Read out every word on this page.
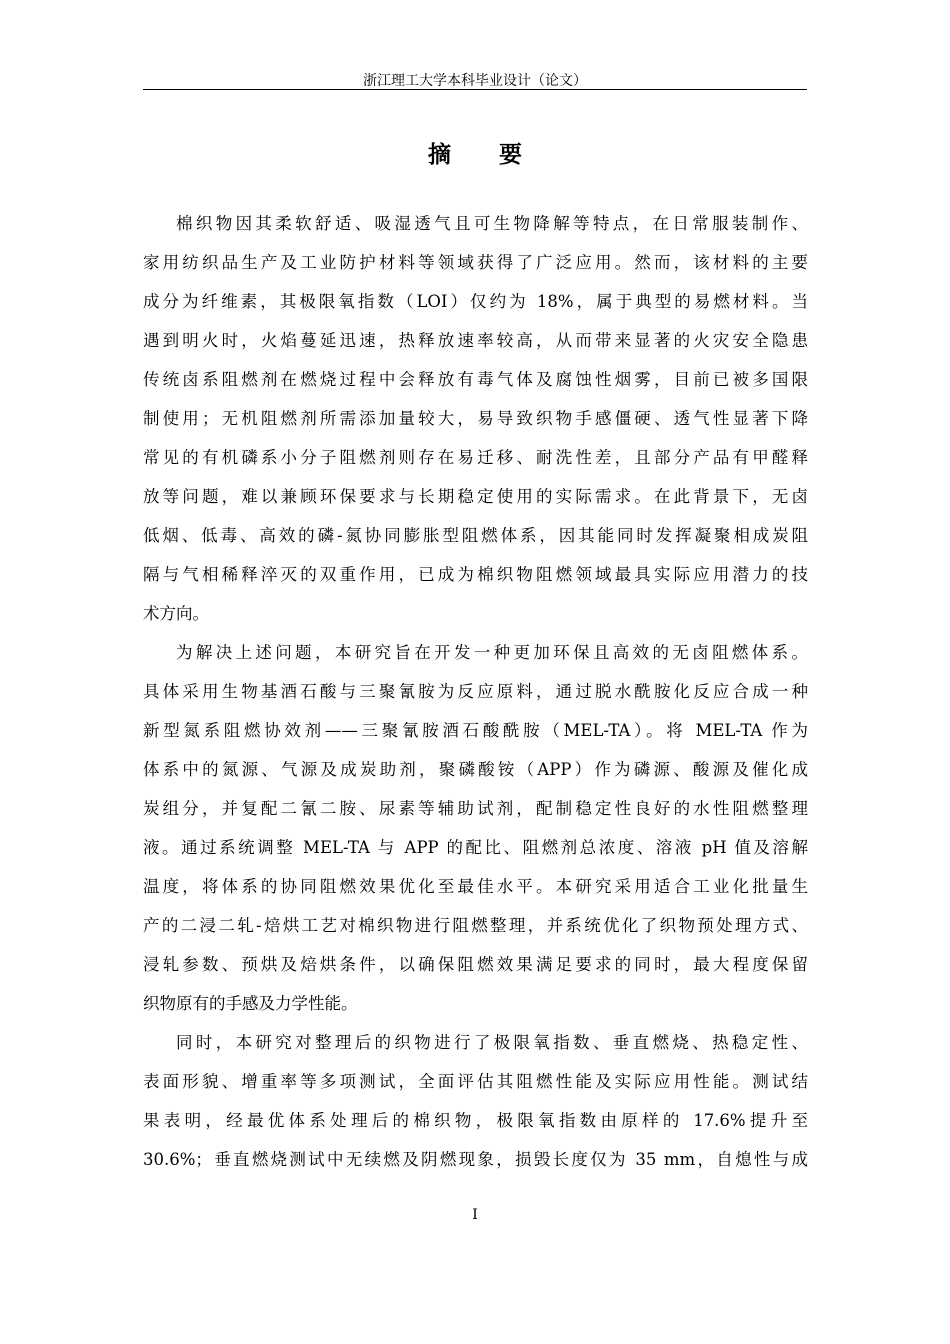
浙江理工大学本科毕业设计（论文）
摘 要

棉织物因其柔软舒适、吸湿透气且可生物降解等特点，在日常服装制作、
家用纺织品生产及工业防护材料等领域获得了广泛应用。然而，该材料的主要
成分为纤维素，其极限氧指数（LOI）仅约为 18%，属于典型的易燃材料。当
遇到明火时，火焰蔓延迅速，热释放速率较高，从而带来显著的火灾安全隐患
传统卤系阻燃剂在燃烧过程中会释放有毒气体及腐蚀性烟雾，目前已被多国限
制使用；无机阻燃剂所需添加量较大，易导致织物手感僵硬、透气性显著下降
常见的有机磷系小分子阻燃剂则存在易迁移、耐洗性差，且部分产品有甲醛释
放等问题，难以兼顾环保要求与长期稳定使用的实际需求。在此背景下，无卤
低烟、低毒、高效的磷-氮协同膨胀型阻燃体系，因其能同时发挥凝聚相成炭阻
隔与气相稀释淬灭的双重作用，已成为棉织物阻燃领域最具实际应用潜力的技
术方向。

为解决上述问题，本研究旨在开发一种更加环保且高效的无卤阻燃体系。
具体采用生物基酒石酸与三聚氰胺为反应原料，通过脱水酰胺化反应合成一种
新型氮系阻燃协效剂——三聚氰胺酒石酸酰胺（MEL-TA）。将 MEL-TA 作为
体系中的氮源、气源及成炭助剂，聚磷酸铵（APP）作为磷源、酸源及催化成
炭组分，并复配二氰二胺、尿素等辅助试剂，配制稳定性良好的水性阻燃整理
液。通过系统调整 MEL-TA 与 APP 的配比、阻燃剂总浓度、溶液 pH 值及溶解
温度，将体系的协同阻燃效果优化至最佳水平。本研究采用适合工业化批量生
产的二浸二轧-焙烘工艺对棉织物进行阻燃整理，并系统优化了织物预处理方式、
浸轧参数、预烘及焙烘条件，以确保阻燃效果满足要求的同时，最大程度保留
织物原有的手感及力学性能。

同时，本研究对整理后的织物进行了极限氧指数、垂直燃烧、热稳定性、
表面形貌、增重率等多项测试，全面评估其阻燃性能及实际应用性能。测试结
果表明，经最优体系处理后的棉织物，极限氧指数由原样的 17.6%提升至
30.6%；垂直燃烧测试中无续燃及阴燃现象，损毁长度仅为 35 mm，自熄性与成

I
